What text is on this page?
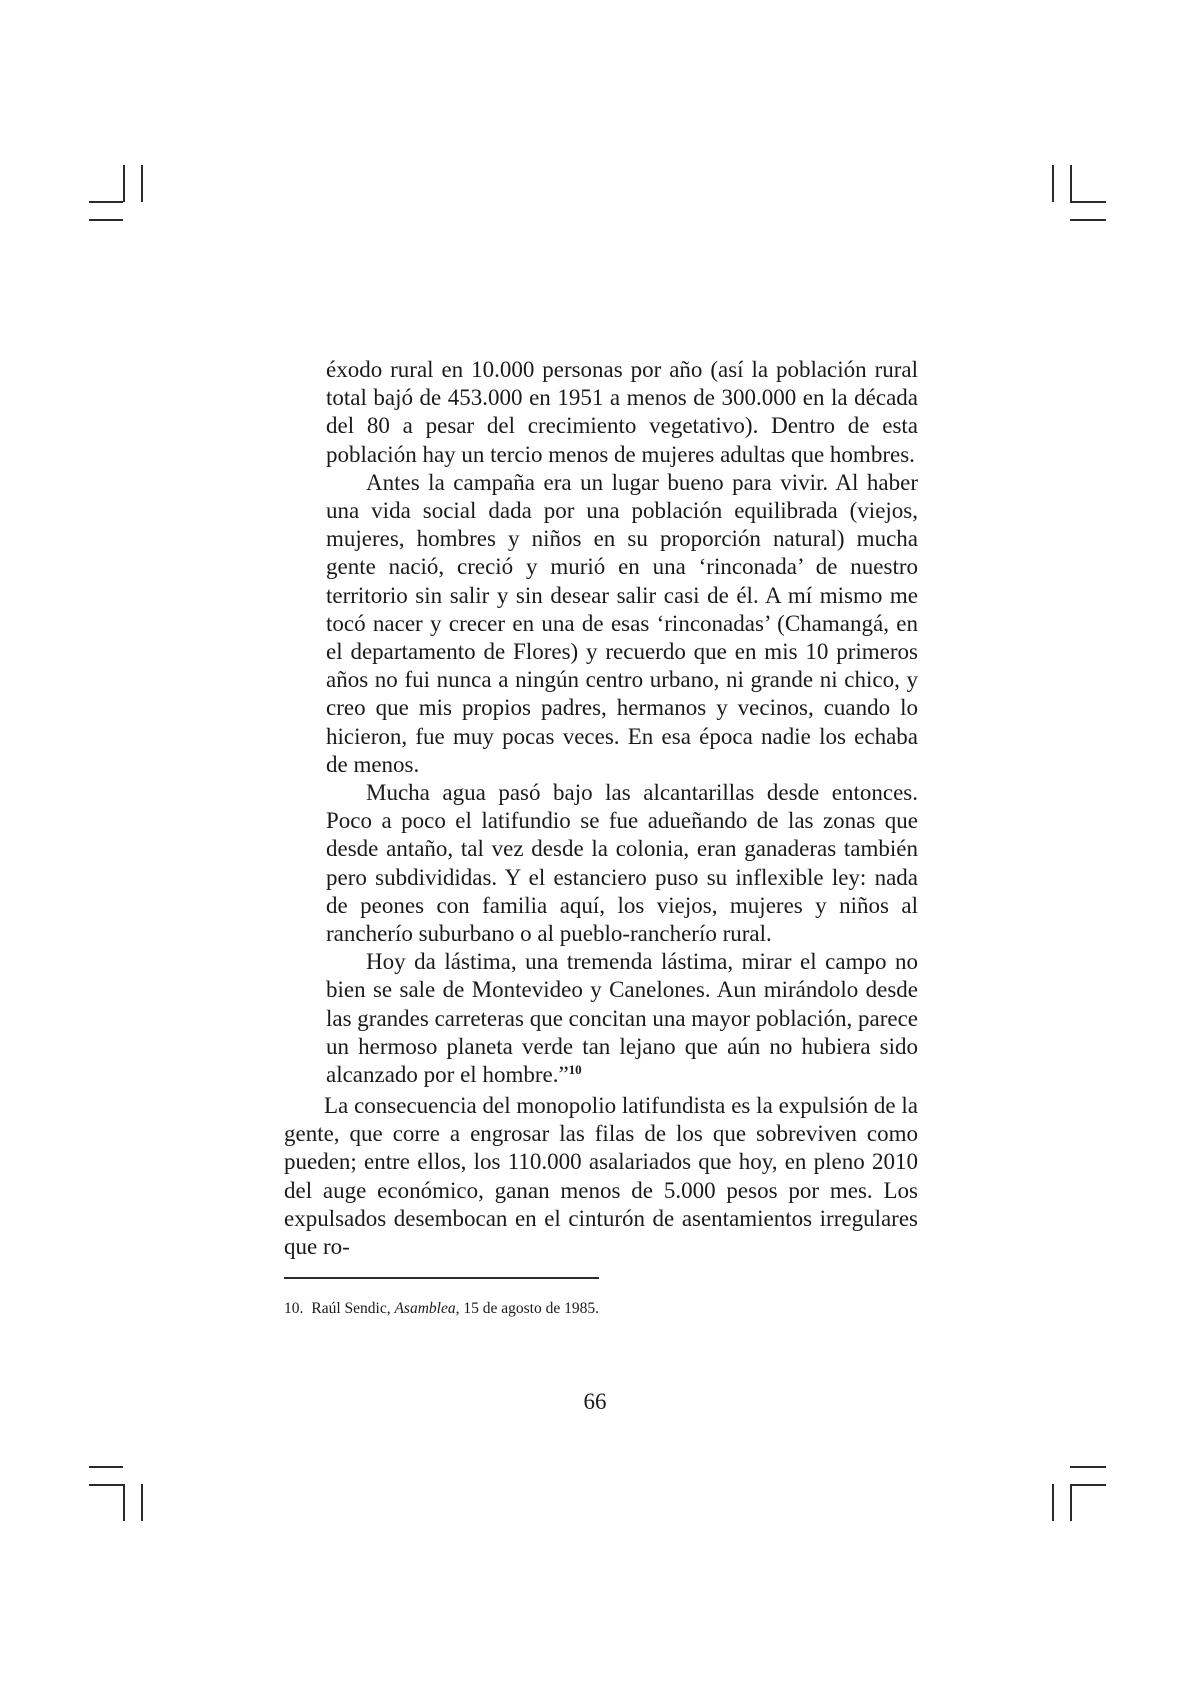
éxodo rural en 10.000 personas por año (así la población rural total bajó de 453.000 en 1951 a menos de 300.000 en la década del 80 a pesar del crecimiento vegetativo). Dentro de esta población hay un tercio menos de mujeres adultas que hombres.

Antes la campaña era un lugar bueno para vivir. Al haber una vida social dada por una población equilibrada (viejos, mujeres, hombres y niños en su proporción natural) mucha gente nació, creció y murió en una ‘rinconada’ de nuestro territorio sin salir y sin desear salir casi de él. A mí mismo me tocó nacer y crecer en una de esas ‘rinconadas’ (Chamangá, en el departamento de Flores) y recuerdo que en mis 10 primeros años no fui nunca a ningún centro urbano, ni grande ni chico, y creo que mis propios padres, hermanos y vecinos, cuando lo hicieron, fue muy pocas veces. En esa época nadie los echaba de menos.

Mucha agua pasó bajo las alcantarillas desde entonces. Poco a poco el latifundio se fue adueñando de las zonas que desde antaño, tal vez desde la colonia, eran ganaderas también pero subdivididas. Y el estanciero puso su inflexible ley: nada de peones con familia aquí, los viejos, mujeres y niños al rancherío suburbano o al pueblo-rancherío rural.

Hoy da lástima, una tremenda lástima, mirar el campo no bien se sale de Montevideo y Canelones. Aun mirándolo desde las grandes carreteras que concitan una mayor población, parece un hermoso planeta verde tan lejano que aún no hubiera sido alcanzado por el hombre.”$^{10}$

La consecuencia del monopolio latifundista es la expulsión de la gente, que corre a engrosar las filas de los que sobreviven como pueden; entre ellos, los 110.000 asalariados que hoy, en pleno 2010 del auge económico, ganan menos de 5.000 pesos por mes. Los expulsados desembocan en el cinturón de asentamientos irregulares que ro-

10. Raúl Sendic, Asamblea, 15 de agosto de 1985.
66
